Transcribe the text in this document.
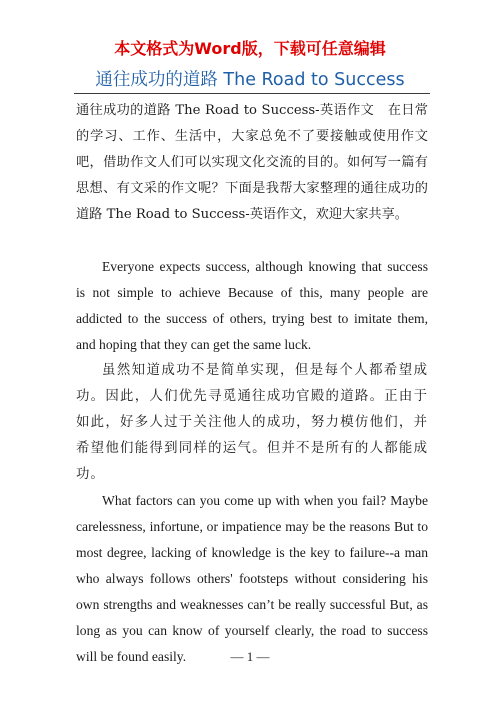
本文格式为Word版，下载可任意编辑
通往成功的道路 The Road to Success

通往成功的道路 The Road to Success-英语作文　在日常的学习、工作、生活中，大家总免不了要接触或使用作文吧，借助作文人们可以实现文化交流的目的。如何写一篇有思想、有文采的作文呢？下面是我帮大家整理的通往成功的道路 The Road to Success-英语作文，欢迎大家共享。

Everyone expects success, although knowing that success is not simple to achieve Because of this, many people are addicted to the success of others, trying best to imitate them, and hoping that they can get the same luck.

虽然知道成功不是简单实现，但是每个人都希望成功。因此，人们优先寻觅通往成功官殿的道路。正由于如此，好多人过于关注他人的成功，努力模仿他们，并希望他们能得到同样的运气。但并不是所有的人都能成功。

What factors can you come up with when you fail? Maybe carelessness, infortune, or impatience may be the reasons But to most degree, lacking of knowledge is the key to failure--a man who always follows others' footsteps without considering his own strengths and weaknesses can’t be really successful But, as long as you can know of yourself clearly, the road to success will be found easily.	— 1 —
